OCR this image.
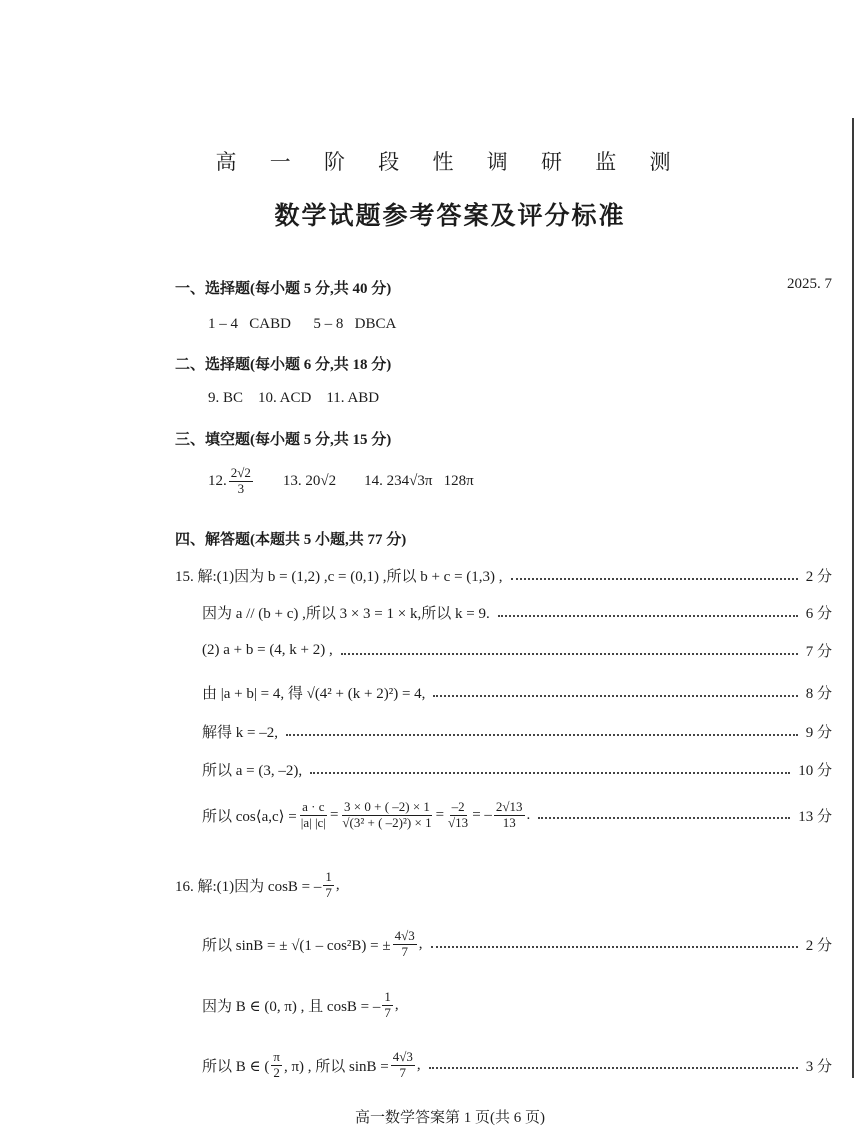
高 一 阶 段 性 调 研 监 测
数学试题参考答案及评分标准
2025. 7
一、选择题(每小题 5 分,共 40 分)
1 – 4   CABD      5 – 8   DBCA
二、选择题(每小题 6 分,共 18 分)
9. BC    10. ACD    11. ABD
三、填空题(每小题 5 分,共 15 分)
12. $\frac{2√2}{3} 13$. 20√2 14. 234√3π   128π
四、解答题(本题共 5 小题,共 77 分)
15. 解:(1)因为 b = (1,2) ,c = (0,1) ,所以 b + c = (1,3) ,	2 分
因为 a // (b + c) ,所以 3 × 3 = 1 × k,所以 k = 9.	6 分
(2) a + b = (4, k + 2) ,	7 分
由 |a + b| = 4, 得 √(4² + (k + 2)²) = 4,	8 分
解得 k = –2,	9 分
所以 a = (3, –2),	10 分
所以 cos⟨a,c⟩ = $\frac{a \cdot c}{|a| |c|} = \frac{3 \times 0 + ( -2) \times 1}{\text{√(3² + ( –2)²) × 1}} = \frac{-2}{√13}$ = – $\frac{2√13}{13}$ .	13 分
16. 解:(1)因为 cosB = – $\frac{1}{7}$ ,
所以 sinB = ± √(1 – cos²B) = ± $\frac{4√3}{7}$ ,	2 分
因为 B ∈ (0, π) , 且 cosB = – $\frac{1}{7}$ ,
所以 B ∈ ( $\frac{\pi}{2}$ , π) , 所以 $\sin B = \frac{4√3}{7}$ ,	3 分
高一数学答案第 1 页(共 6 页)
